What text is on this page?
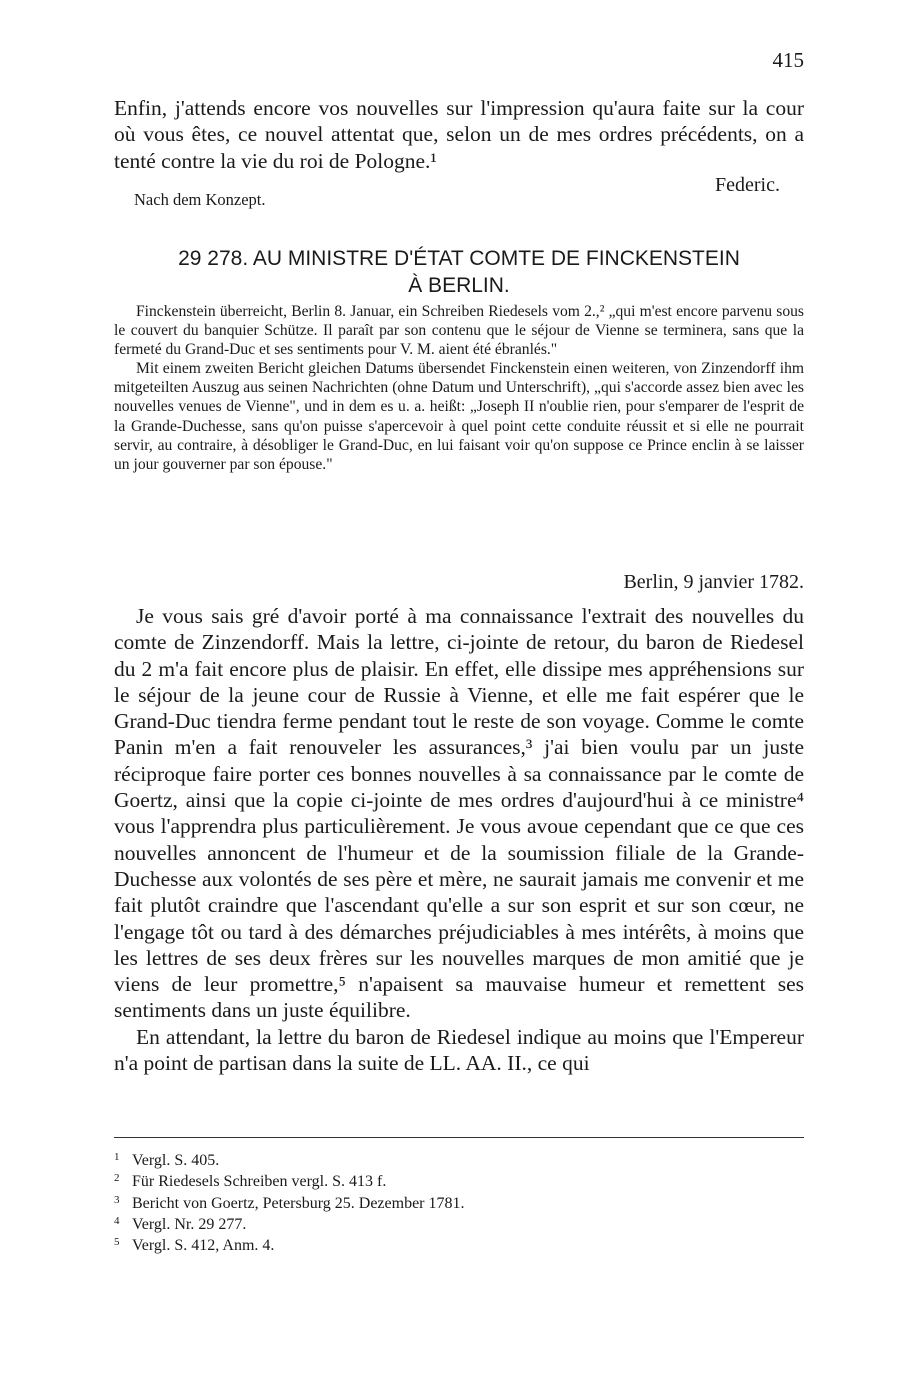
415

Enfin, j'attends encore vos nouvelles sur l'impression qu'aura faite sur la cour où vous êtes, ce nouvel attentat que, selon un de mes ordres précédents, on a tenté contre la vie du roi de Pologne.¹

Federic.
Nach dem Konzept.
29 278. AU MINISTRE D'ÉTAT COMTE DE FINCKENSTEIN
À BERLIN.

Finckenstein überreicht, Berlin 8. Januar, ein Schreiben Riedesels vom 2.,² „qui m'est encore parvenu sous le couvert du banquier Schütze. Il paraît par son contenu que le séjour de Vienne se terminera, sans que la fermeté du Grand-Duc et ses sentiments pour V. M. aient été ébranlés."

Mit einem zweiten Bericht gleichen Datums übersendet Finckenstein einen weiteren, von Zinzendorff ihm mitgeteilten Auszug aus seinen Nachrichten (ohne Datum und Unterschrift), „qui s'accorde assez bien avec les nouvelles venues de Vienne", und in dem es u. a. heißt: „Joseph II n'oublie rien, pour s'emparer de l'esprit de la Grande-Duchesse, sans qu'on puisse s'apercevoir à quel point cette conduite réussit et si elle ne pourrait servir, au contraire, à désobliger le Grand-Duc, en lui faisant voir qu'on suppose ce Prince enclin à se laisser un jour gouverner par son épouse."

Berlin, 9 janvier 1782.

Je vous sais gré d'avoir porté à ma connaissance l'extrait des nouvelles du comte de Zinzendorff. Mais la lettre, ci-jointe de retour, du baron de Riedesel du 2 m'a fait encore plus de plaisir. En effet, elle dissipe mes appréhensions sur le séjour de la jeune cour de Russie à Vienne, et elle me fait espérer que le Grand-Duc tiendra ferme pendant tout le reste de son voyage. Comme le comte Panin m'en a fait renouveler les assurances,³ j'ai bien voulu par un juste réciproque faire porter ces bonnes nouvelles à sa connaissance par le comte de Goertz, ainsi que la copie ci-jointe de mes ordres d'aujourd'hui à ce ministre⁴ vous l'apprendra plus particulièrement. Je vous avoue cependant que ce que ces nouvelles annoncent de l'humeur et de la soumission filiale de la Grande-Duchesse aux volontés de ses père et mère, ne saurait jamais me convenir et me fait plutôt craindre que l'ascendant qu'elle a sur son esprit et sur son cœur, ne l'engage tôt ou tard à des démarches préjudiciables à mes intérêts, à moins que les lettres de ses deux frères sur les nouvelles marques de mon amitié que je viens de leur promettre,⁵ n'apaisent sa mauvaise humeur et remettent ses sentiments dans un juste équilibre.

En attendant, la lettre du baron de Riedesel indique au moins que l'Empereur n'a point de partisan dans la suite de LL. AA. II., ce qui

1 Vergl. S. 405.
2 Für Riedesels Schreiben vergl. S. 413 f.
3 Bericht von Goertz, Petersburg 25. Dezember 1781.
4 Vergl. Nr. 29 277.
5 Vergl. S. 412, Anm. 4.
